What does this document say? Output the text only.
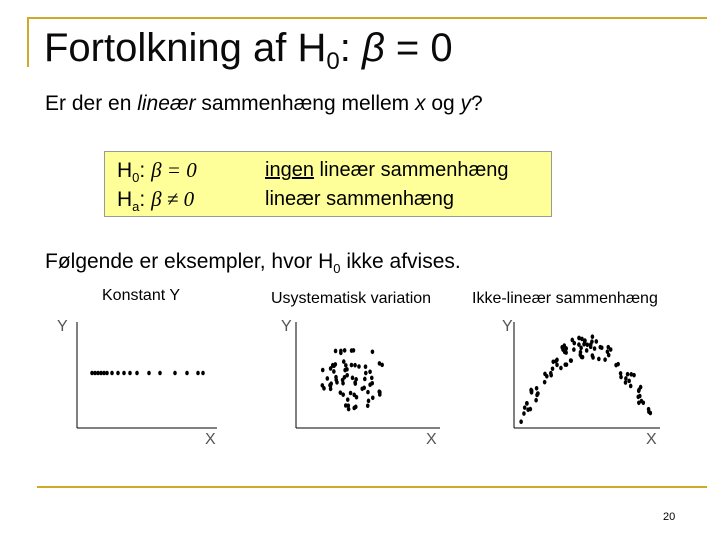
Fortolkning af $H_0$: β = 0
Er der en lineær sammenhæng mellem x og y?
$H_0$: β = 0	ingen lineær sammenhæng
$H_a$: β ≠ 0	lineær sammenhæng
Følgende er eksempler, hvor $H_0$ ikke afvises.
Konstant Y	Usystematisk variation	Ikke-lineær sammenhæng
Y
X
Y
X
Y
X
20
